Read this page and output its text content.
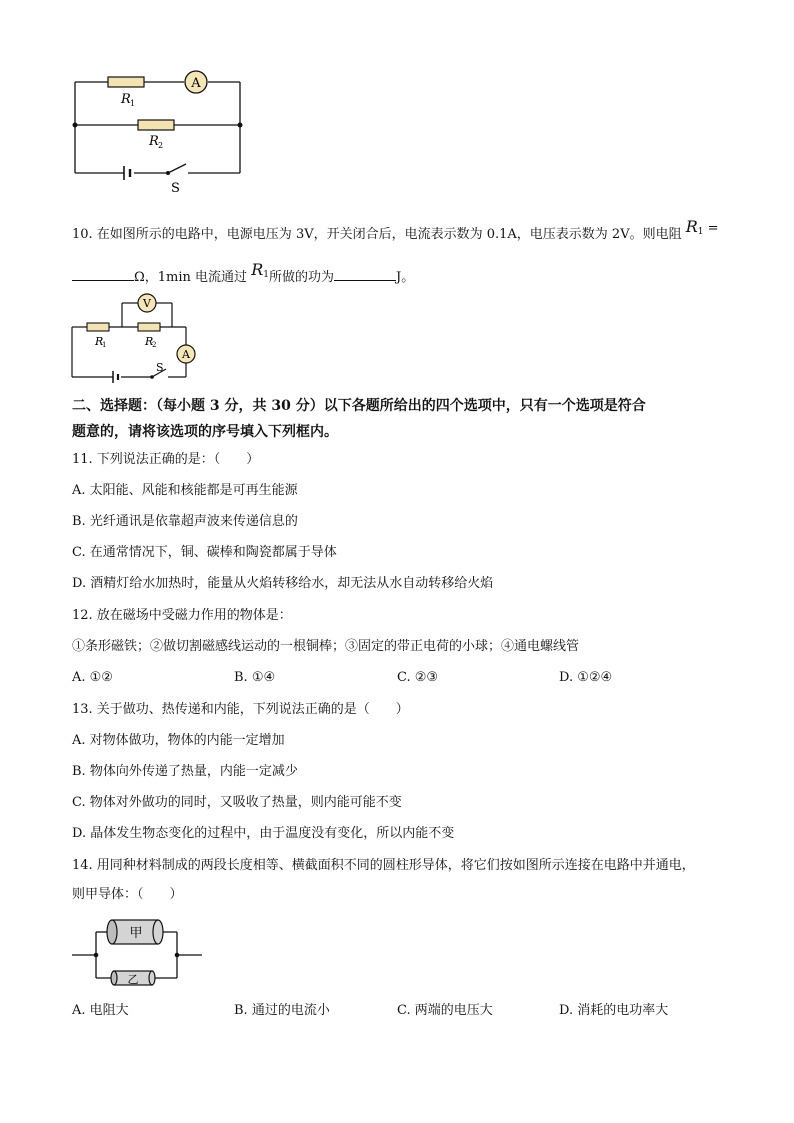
A
R 1
R 2
S
10. 在如图所示的电路中，电源电压为 3V，开关闭合后，电流表示数为 0.1A，电压表示数为 2V。则电阻 $R^1$ =
Ω，1min 电流通过 $R^1$所做的功为	J。
V
A
R
1	R
2
S
二、选择题：（每小题 3 分，共 30 分）以下各题所给出的四个选项中，只有一个选项是符合
题意的，请将该选项的序号填入下列框内。
11. 下列说法正确的是：（　　）
A. 太阳能、风能和核能都是可再生能源
B. 光纤通讯是依靠超声波来传递信息的
C. 在通常情况下，铜、碳棒和陶瓷都属于导体
D. 酒精灯给水加热时，能量从火焰转移给水，却无法从水自动转移给火焰
12. 放在磁场中受磁力作用的物体是：
①条形磁铁；②做切割磁感线运动的一根铜棒；③固定的带正电荷的小球；④通电螺线管
A. ①②	B. ①④	C. ②③	D. ①②④
13. 关于做功、热传递和内能，下列说法正确的是（　　）
A. 对物体做功，物体的内能一定增加
B. 物体向外传递了热量，内能一定减少
C. 物体对外做功的同时，又吸收了热量，则内能可能不变
D. 晶体发生物态变化的过程中，由于温度没有变化，所以内能不变
14. 用同种材料制成的两段长度相等、横截面积不同的圆柱形导体，将它们按如图所示连接在电路中并通电，
则甲导体：（　　）
甲
乙
A. 电阻大	B. 通过的电流小	C. 两端的电压大	D. 消耗的电功率大
